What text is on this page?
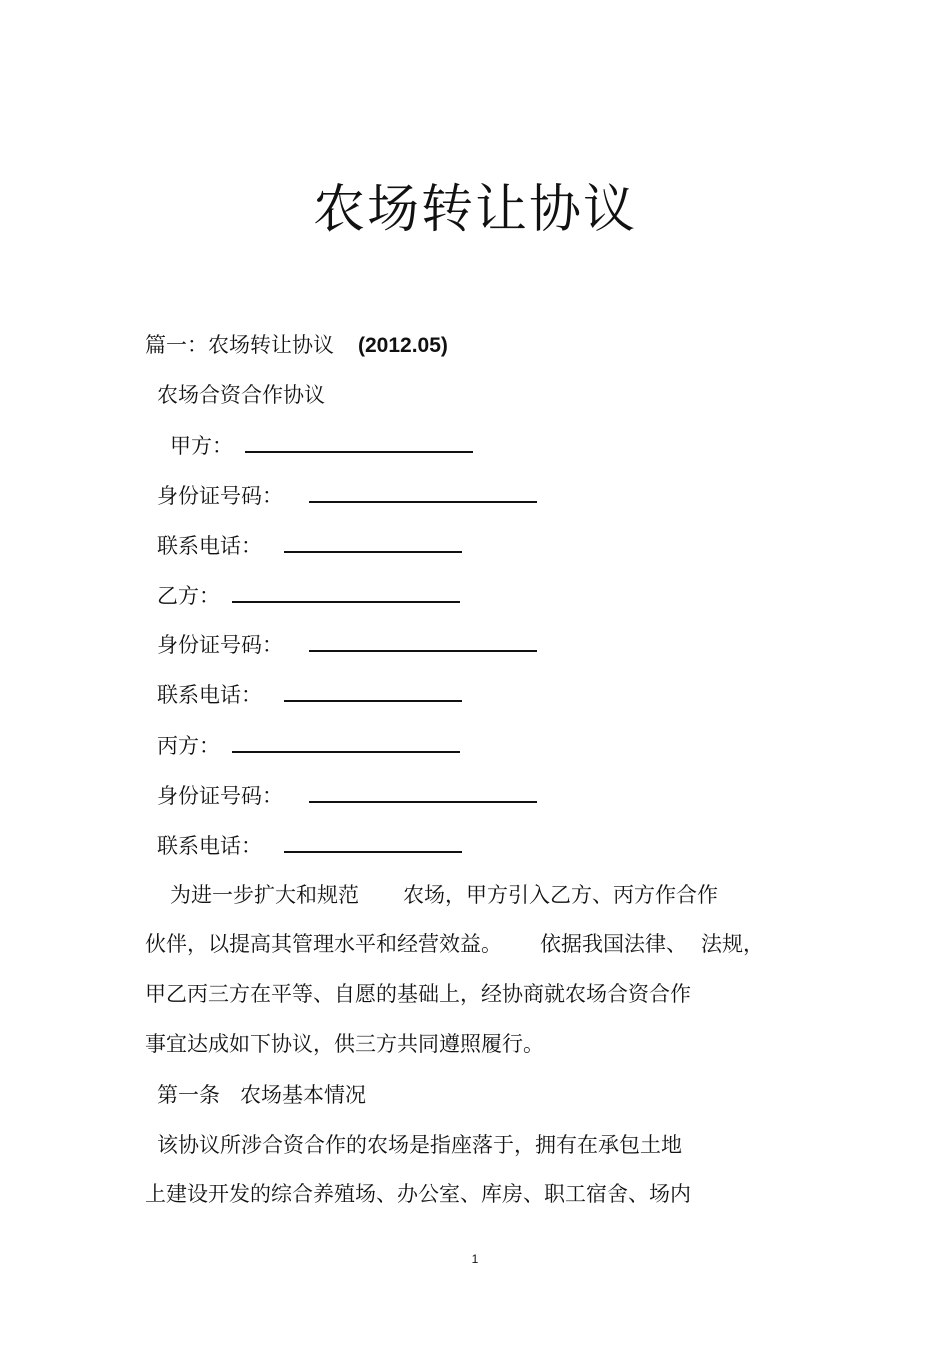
农场转让协议
篇一：农场转让协议 (2012.05)
农场合资合作协议
甲方：
身份证号码：
联系电话：
乙方：
身份证号码：
联系电话：
丙方：
身份证号码：
联系电话：
为进一步扩大和规范 农场，甲方引入乙方、丙方作合作
伙伴，以提高其管理水平和经营效益。 依据我国法律、 法规，
甲乙丙三方在平等、自愿的基础上，经协商就农场合资合作
事宜达成如下协议，供三方共同遵照履行。
第一条 农场基本情况
该协议所涉合资合作的农场是指座落于，拥有在承包土地
上建设开发的综合养殖场、办公室、库房、职工宿舍、场内
1
